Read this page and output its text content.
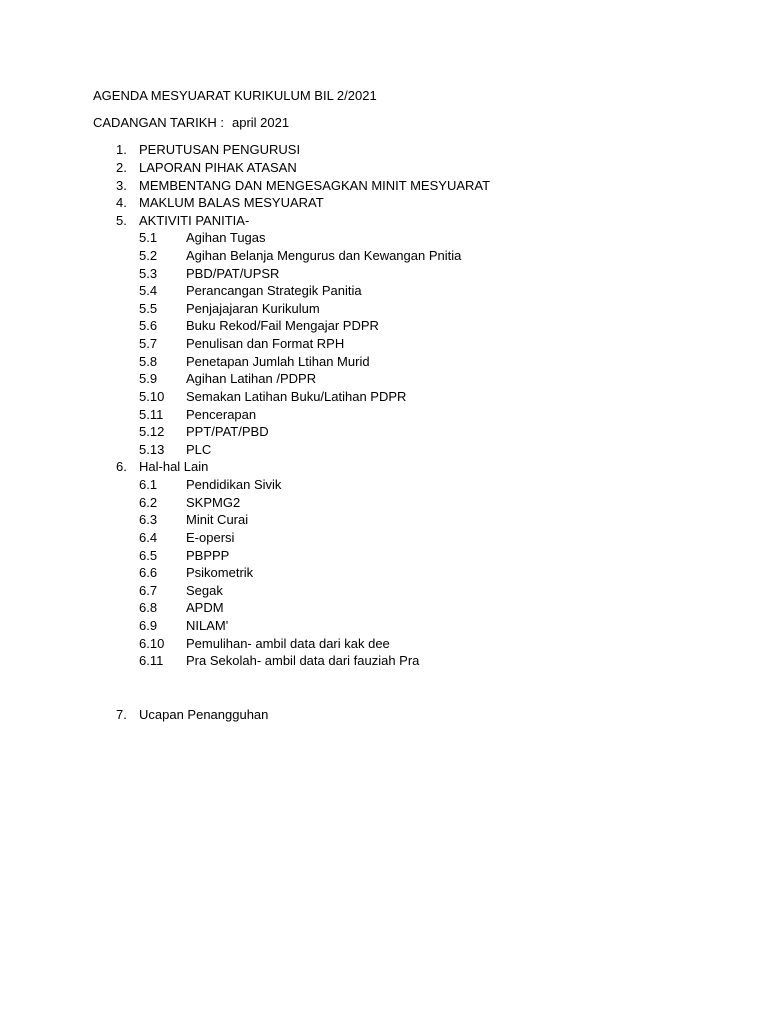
AGENDA MESYUARAT KURIKULUM BIL 2/2021
CADANGAN TARIKH : april 2021
1. PERUTUSAN PENGURUSI
2. LAPORAN PIHAK ATASAN
3. MEMBENTANG DAN MENGESAGKAN MINIT MESYUARAT
4. MAKLUM BALAS MESYUARAT
5. AKTIVITI PANITIA-
5.1 Agihan Tugas
5.2 Agihan Belanja Mengurus dan Kewangan Pnitia
5.3 PBD/PAT/UPSR
5.4 Perancangan Strategik Panitia
5.5 Penjajajaran Kurikulum
5.6 Buku Rekod/Fail Mengajar PDPR
5.7 Penulisan dan Format RPH
5.8 Penetapan Jumlah Ltihan Murid
5.9 Agihan Latihan /PDPR
5.10 Semakan Latihan Buku/Latihan PDPR
5.11 Pencerapan
5.12 PPT/PAT/PBD
5.13 PLC
6. Hal-hal Lain
6.1 Pendidikan Sivik
6.2 SKPMG2
6.3 Minit Curai
6.4 E-opersi
6.5 PBPPP
6.6 Psikometrik
6.7 Segak
6.8 APDM
6.9 NILAM'
6.10 Pemulihan- ambil data dari kak dee
6.11 Pra Sekolah- ambil data dari fauziah Pra
7. Ucapan Penangguhan
